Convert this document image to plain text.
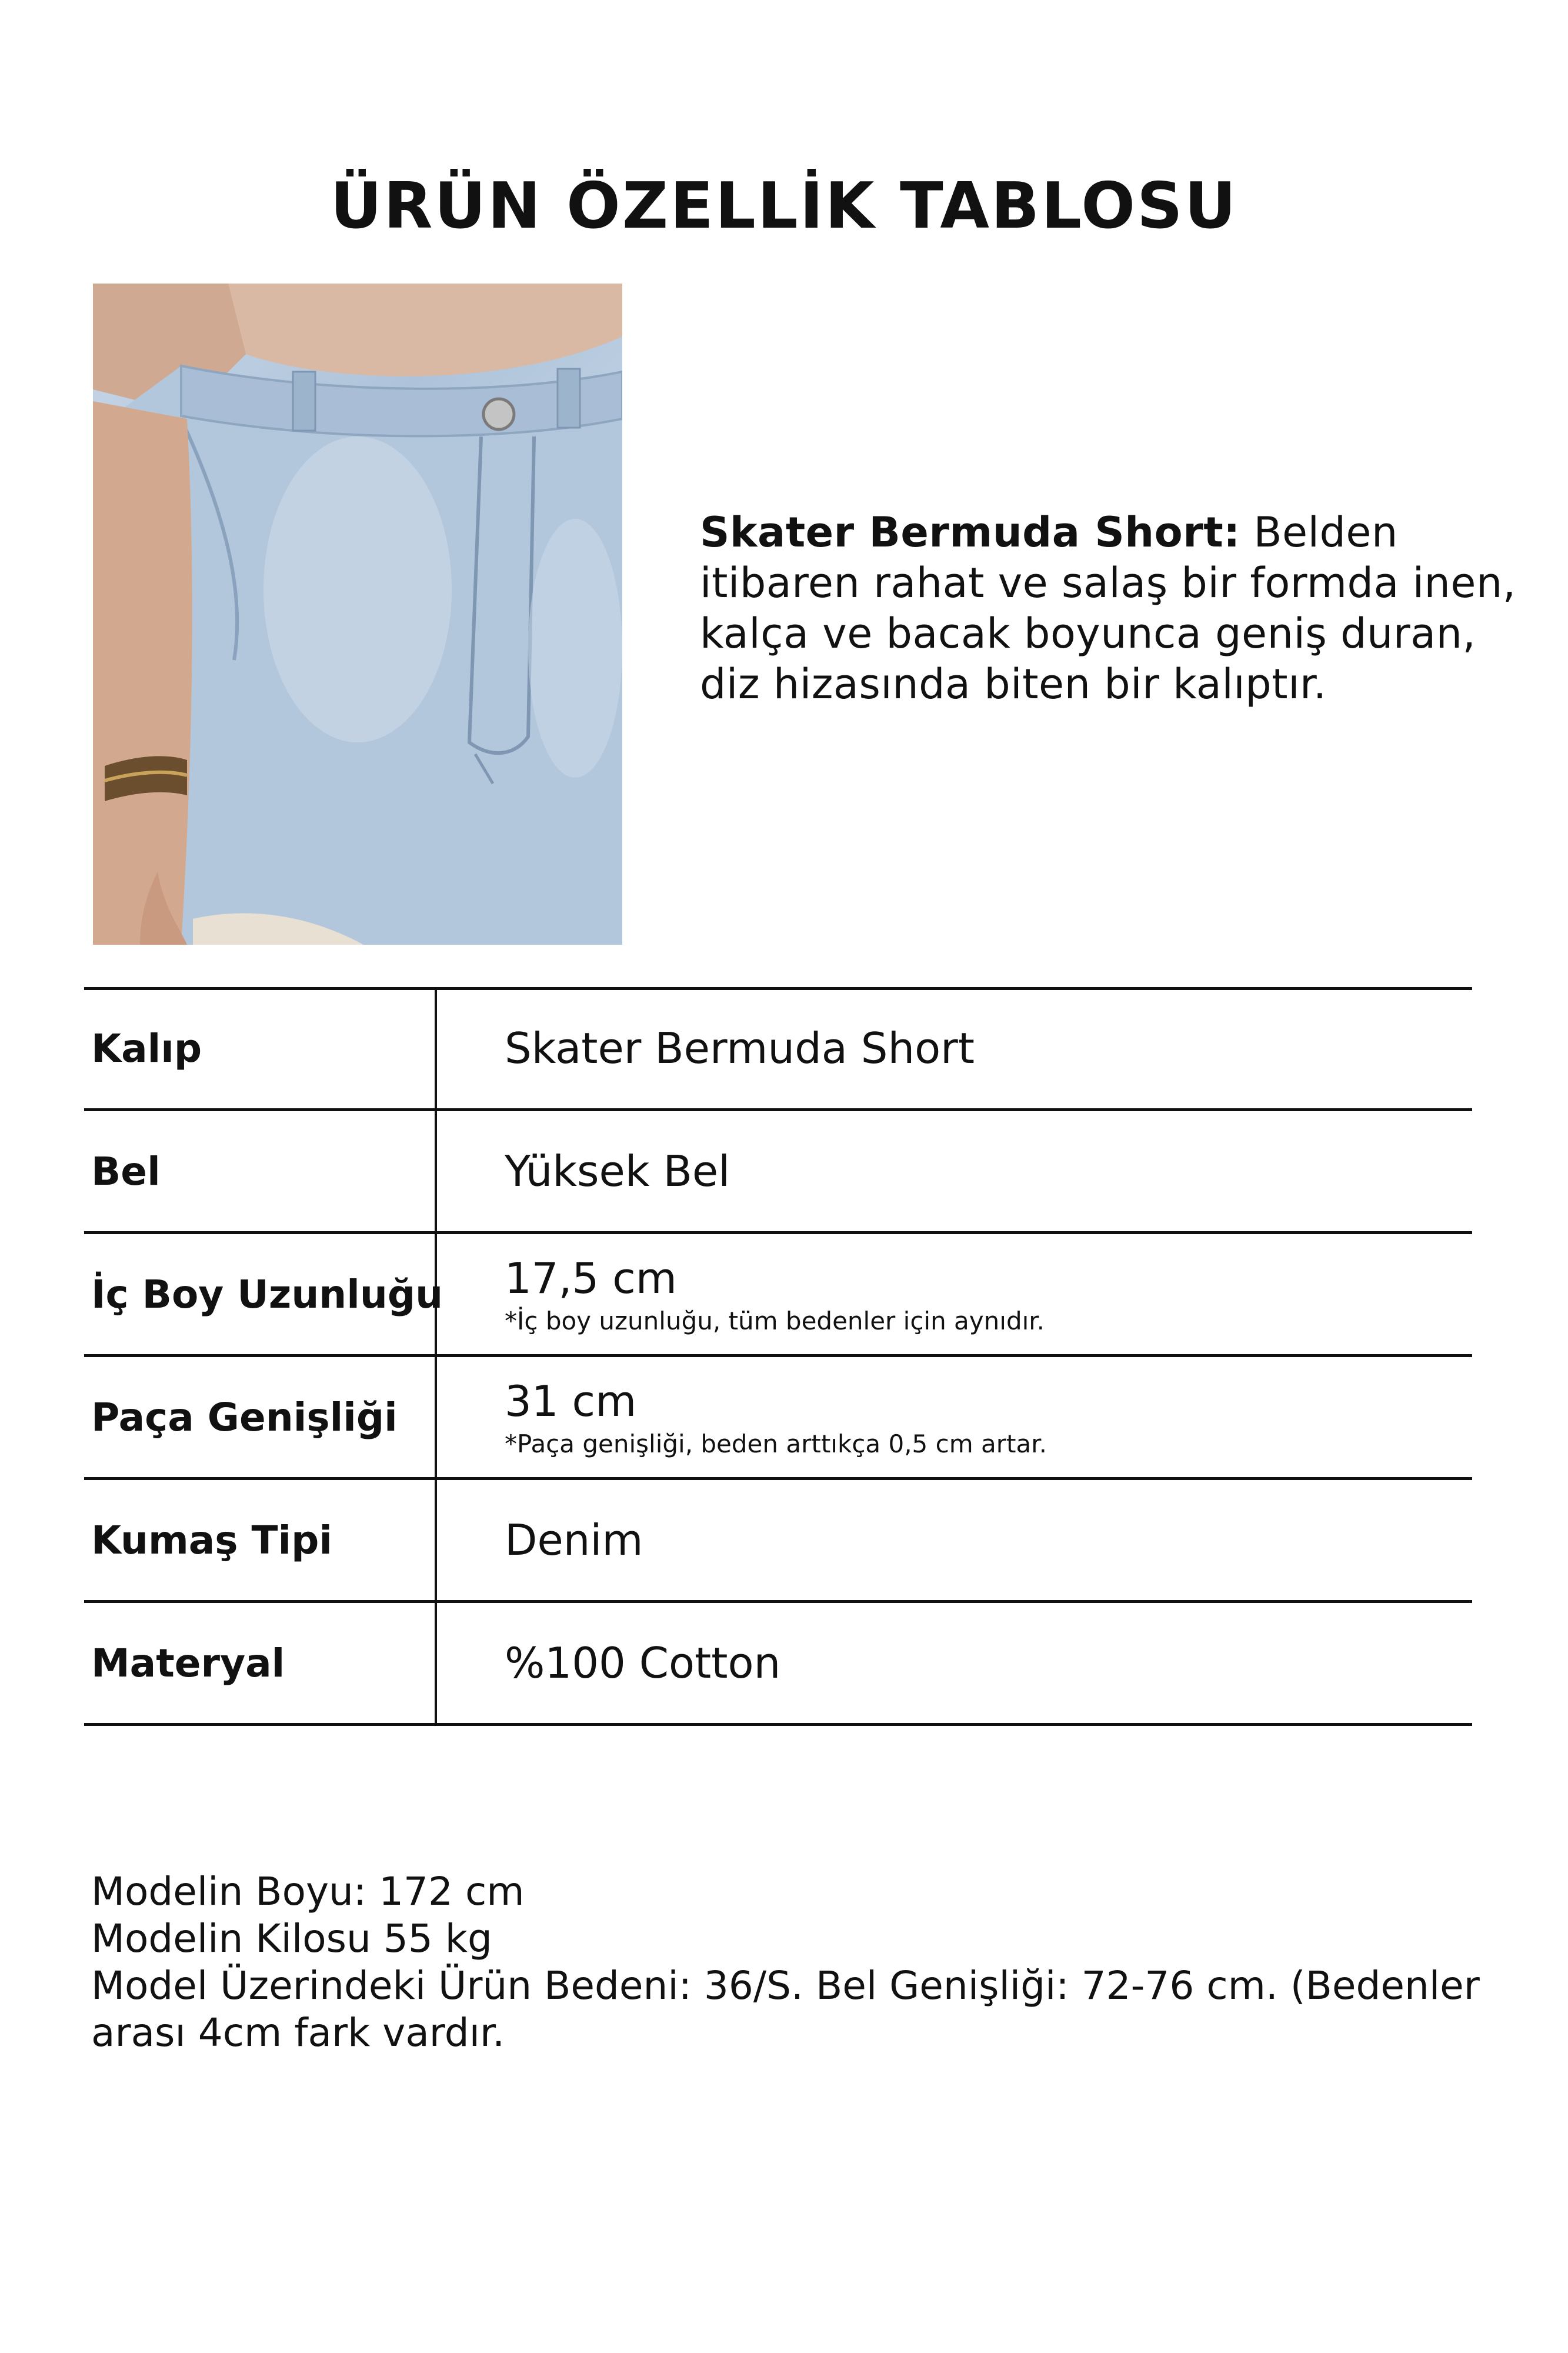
ÜRÜN ÖZELLİK TABLOSU
Skater Bermuda Short: Belden itibaren rahat ve salaş bir formda inen, kalça ve bacak boyunca geniş duran, diz hizasında biten bir kalıptır.
Kalıp	Skater Bermuda Short
Bel	Yüksek Bel
İç Boy Uzunluğu 17,5 cm
*İç boy uzunluğu, tüm bedenler için aynıdır.
Paça Genişliği	31 cm
*Paça genişliği, beden arttıkça 0,5 cm artar.
Kumaş Tipi	Denim
Materyal	%100 Cotton
Modelin Boyu: 172 cm
Modelin Kilosu 55 kg
Model Üzerindeki Ürün Bedeni: 36/S. Bel Genişliği: 72-76 cm. (Bedenler arası 4cm fark vardır.
